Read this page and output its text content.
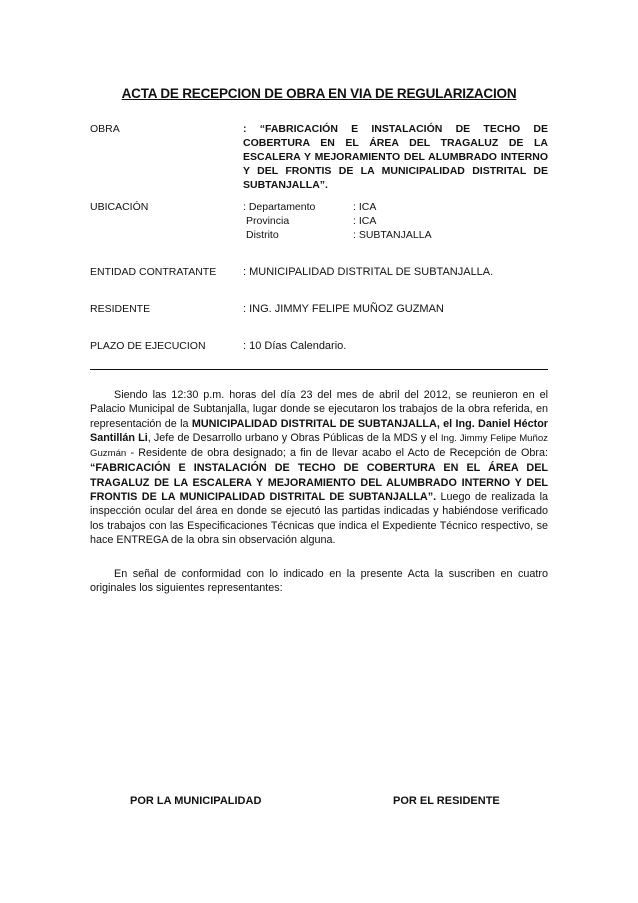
ACTA DE RECEPCION DE OBRA EN VIA DE REGULARIZACION
OBRA	: “FABRICACIÓN E INSTALACIÓN DE TECHO DE COBERTURA EN EL ÁREA DEL TRAGALUZ DE LA ESCALERA Y MEJORAMIENTO DEL ALUMBRADO INTERNO Y DEL FRONTIS DE LA MUNICIPALIDAD DISTRITAL DE SUBTANJALLA”.
UBICACIÓN	: Departamento	: ICA
Provincia	: ICA
Distrito	: SUBTANJALLA
ENTIDAD CONTRATANTE : MUNICIPALIDAD DISTRITAL DE SUBTANJALLA.
RESIDENTE	: ING. JIMMY FELIPE MUÑOZ GUZMAN
PLAZO DE EJECUCION	: 10 Días Calendario.

Siendo las 12:30 p.m. horas del día 23 del mes de abril del 2012, se reunieron en el Palacio Municipal de Subtanjalla, lugar donde se ejecutaron los trabajos de la obra referida, en representación de la MUNICIPALIDAD DISTRITAL DE SUBTANJALLA, el Ing. Daniel Héctor Santillán Li, Jefe de Desarrollo urbano y Obras Públicas de la MDS y el Ing. Jimmy Felipe Muñoz Guzmán - Residente de obra designado; a fin de llevar acabo el Acto de Recepción de Obra: “FABRICACIÓN E INSTALACIÓN DE TECHO DE COBERTURA EN EL ÁREA DEL TRAGALUZ DE LA ESCALERA Y MEJORAMIENTO DEL ALUMBRADO INTERNO Y DEL FRONTIS DE LA MUNICIPALIDAD DISTRITAL DE SUBTANJALLA”. Luego de realizada la inspección ocular del área en donde se ejecutó las partidas indicadas y habiéndose verificado los trabajos con las Especificaciones Técnicas que indica el Expediente Técnico respectivo, se hace ENTREGA de la obra sin observación alguna.

En señal de conformidad con lo indicado en la presente Acta la suscriben en cuatro originales los siguientes representantes:

POR LA MUNICIPALIDAD	POR EL RESIDENTE
